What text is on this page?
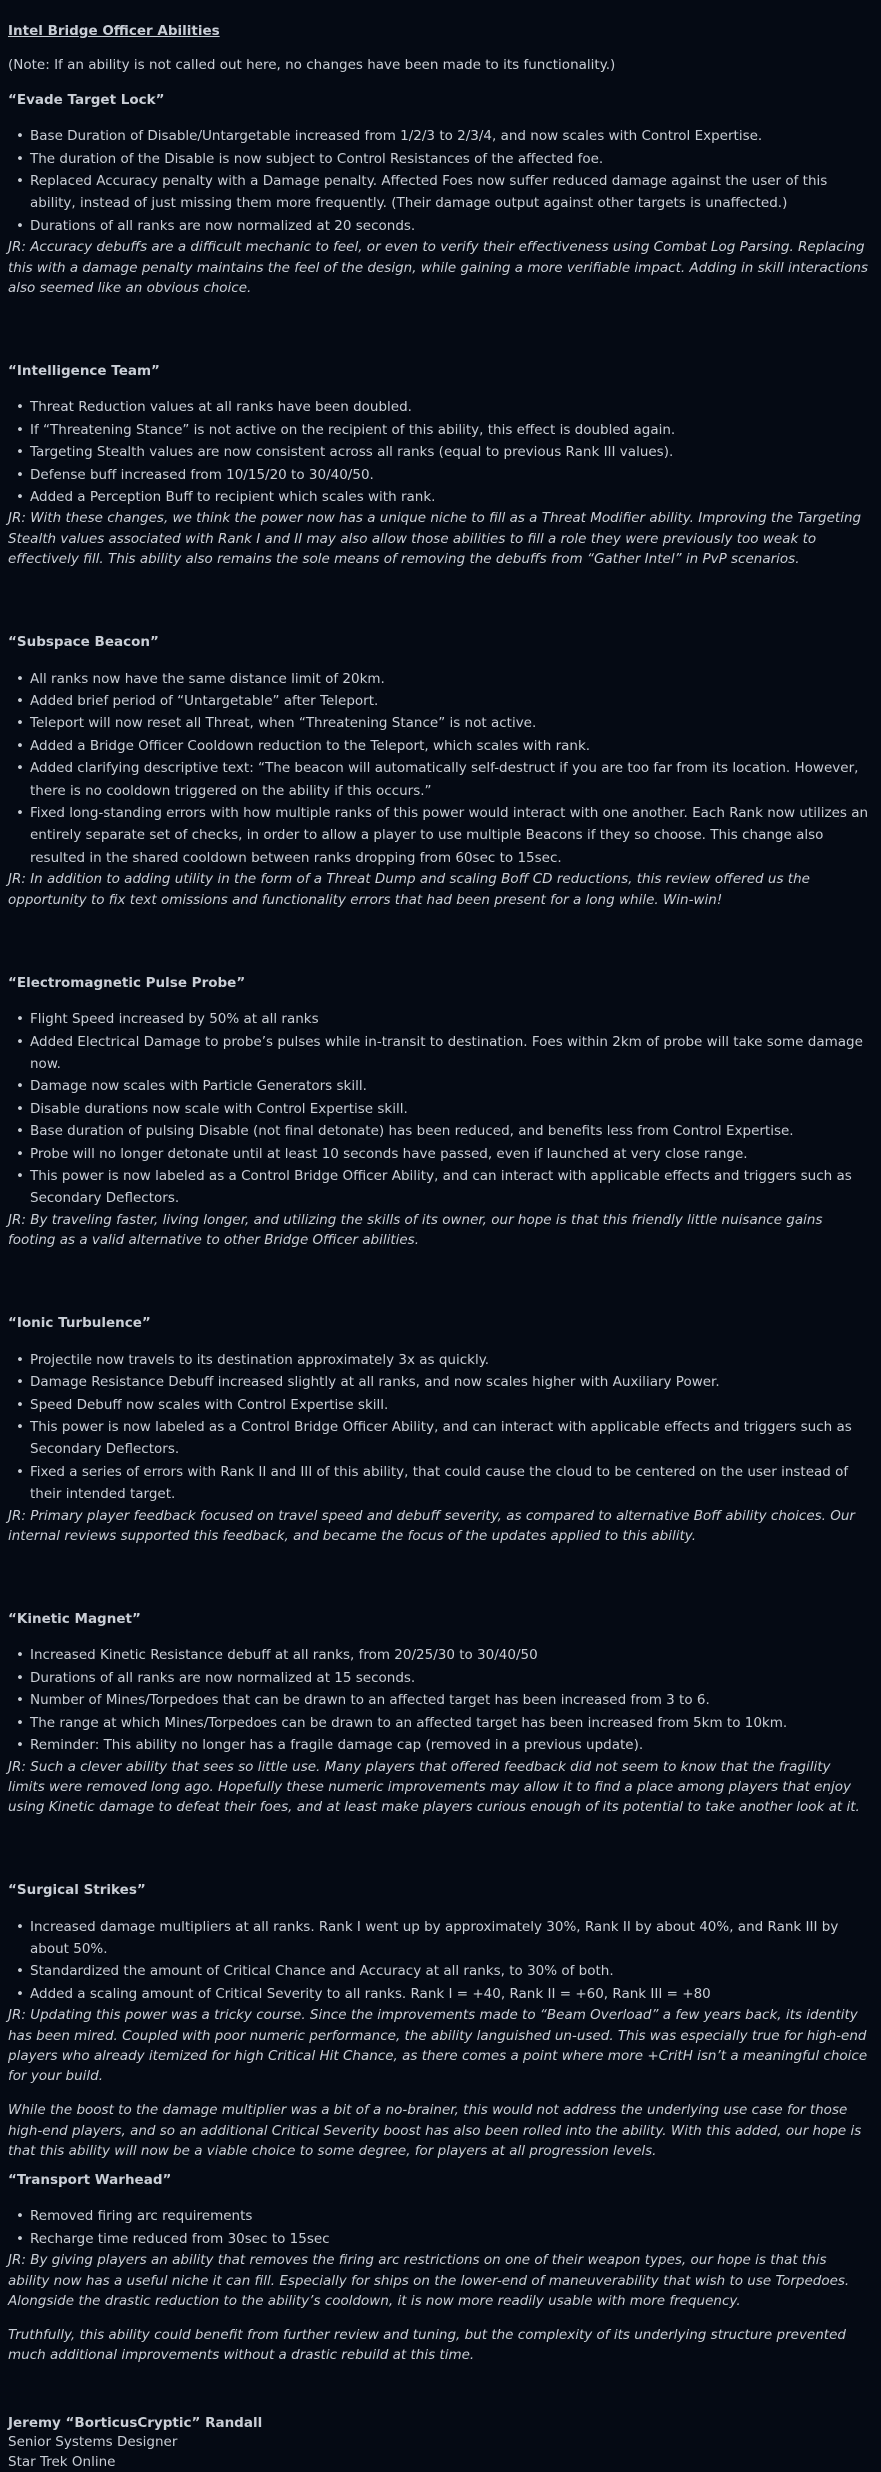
Intel Bridge Officer Abilities
(Note: If an ability is not called out here, no changes have been made to its functionality.)
“Evade Target Lock”
• Base Duration of Disable/Untargetable increased from 1/2/3 to 2/3/4, and now scales with Control Expertise.
• The duration of the Disable is now subject to Control Resistances of the affected foe.
• Replaced Accuracy penalty with a Damage penalty. Affected Foes now suffer reduced damage against the user of this ability, instead of just missing them more frequently. (Their damage output against other targets is unaffected.)
• Durations of all ranks are now normalized at 20 seconds.
JR: Accuracy debuffs are a difficult mechanic to feel, or even to verify their effectiveness using Combat Log Parsing. Replacing this with a damage penalty maintains the feel of the design, while gaining a more verifiable impact. Adding in skill interactions also seemed like an obvious choice.
“Intelligence Team”
• Threat Reduction values at all ranks have been doubled.
• If “Threatening Stance” is not active on the recipient of this ability, this effect is doubled again.
• Targeting Stealth values are now consistent across all ranks (equal to previous Rank III values).
• Defense buff increased from 10/15/20 to 30/40/50.
• Added a Perception Buff to recipient which scales with rank.
JR: With these changes, we think the power now has a unique niche to fill as a Threat Modifier ability. Improving the Targeting Stealth values associated with Rank I and II may also allow those abilities to fill a role they were previously too weak to effectively fill. This ability also remains the sole means of removing the debuffs from “Gather Intel” in PvP scenarios.
“Subspace Beacon”
• All ranks now have the same distance limit of 20km.
• Added brief period of “Untargetable” after Teleport.
• Teleport will now reset all Threat, when “Threatening Stance” is not active.
• Added a Bridge Officer Cooldown reduction to the Teleport, which scales with rank.
• Added clarifying descriptive text: “The beacon will automatically self-destruct if you are too far from its location. However, there is no cooldown triggered on the ability if this occurs.”
• Fixed long-standing errors with how multiple ranks of this power would interact with one another. Each Rank now utilizes an entirely separate set of checks, in order to allow a player to use multiple Beacons if they so choose. This change also resulted in the shared cooldown between ranks dropping from 60sec to 15sec.
JR: In addition to adding utility in the form of a Threat Dump and scaling Boff CD reductions, this review offered us the opportunity to fix text omissions and functionality errors that had been present for a long while. Win-win!
“Electromagnetic Pulse Probe”
• Flight Speed increased by 50% at all ranks
• Added Electrical Damage to probe’s pulses while in-transit to destination. Foes within 2km of probe will take some damage now.
• Damage now scales with Particle Generators skill.
• Disable durations now scale with Control Expertise skill.
• Base duration of pulsing Disable (not final detonate) has been reduced, and benefits less from Control Expertise.
• Probe will no longer detonate until at least 10 seconds have passed, even if launched at very close range.
• This power is now labeled as a Control Bridge Officer Ability, and can interact with applicable effects and triggers such as Secondary Deflectors.
JR: By traveling faster, living longer, and utilizing the skills of its owner, our hope is that this friendly little nuisance gains footing as a valid alternative to other Bridge Officer abilities.
“Ionic Turbulence”
• Projectile now travels to its destination approximately 3x as quickly.
• Damage Resistance Debuff increased slightly at all ranks, and now scales higher with Auxiliary Power.
• Speed Debuff now scales with Control Expertise skill.
• This power is now labeled as a Control Bridge Officer Ability, and can interact with applicable effects and triggers such as Secondary Deflectors.
• Fixed a series of errors with Rank II and III of this ability, that could cause the cloud to be centered on the user instead of their intended target.
JR: Primary player feedback focused on travel speed and debuff severity, as compared to alternative Boff ability choices. Our internal reviews supported this feedback, and became the focus of the updates applied to this ability.
“Kinetic Magnet”
• Increased Kinetic Resistance debuff at all ranks, from 20/25/30 to 30/40/50
• Durations of all ranks are now normalized at 15 seconds.
• Number of Mines/Torpedoes that can be drawn to an affected target has been increased from 3 to 6.
• The range at which Mines/Torpedoes can be drawn to an affected target has been increased from 5km to 10km.
• Reminder: This ability no longer has a fragile damage cap (removed in a previous update).
JR: Such a clever ability that sees so little use. Many players that offered feedback did not seem to know that the fragility limits were removed long ago. Hopefully these numeric improvements may allow it to find a place among players that enjoy using Kinetic damage to defeat their foes, and at least make players curious enough of its potential to take another look at it.
“Surgical Strikes”
• Increased damage multipliers at all ranks. Rank I went up by approximately 30%, Rank II by about 40%, and Rank III by about 50%.
• Standardized the amount of Critical Chance and Accuracy at all ranks, to 30% of both.
• Added a scaling amount of Critical Severity to all ranks. Rank I = +40, Rank II = +60, Rank III = +80
JR: Updating this power was a tricky course. Since the improvements made to “Beam Overload” a few years back, its identity has been mired. Coupled with poor numeric performance, the ability languished un-used. This was especially true for high-end players who already itemized for high Critical Hit Chance, as there comes a point where more +CritH isn’t a meaningful choice for your build.
While the boost to the damage multiplier was a bit of a no-brainer, this would not address the underlying use case for those high-end players, and so an additional Critical Severity boost has also been rolled into the ability. With this added, our hope is that this ability will now be a viable choice to some degree, for players at all progression levels.
“Transport Warhead”
• Removed firing arc requirements
• Recharge time reduced from 30sec to 15sec
JR: By giving players an ability that removes the firing arc restrictions on one of their weapon types, our hope is that this ability now has a useful niche it can fill. Especially for ships on the lower-end of maneuverability that wish to use Torpedoes. Alongside the drastic reduction to the ability’s cooldown, it is now more readily usable with more frequency.
Truthfully, this ability could benefit from further review and tuning, but the complexity of its underlying structure prevented much additional improvements without a drastic rebuild at this time.
Jeremy “BorticusCryptic” Randall
Senior Systems Designer
Star Trek Online
